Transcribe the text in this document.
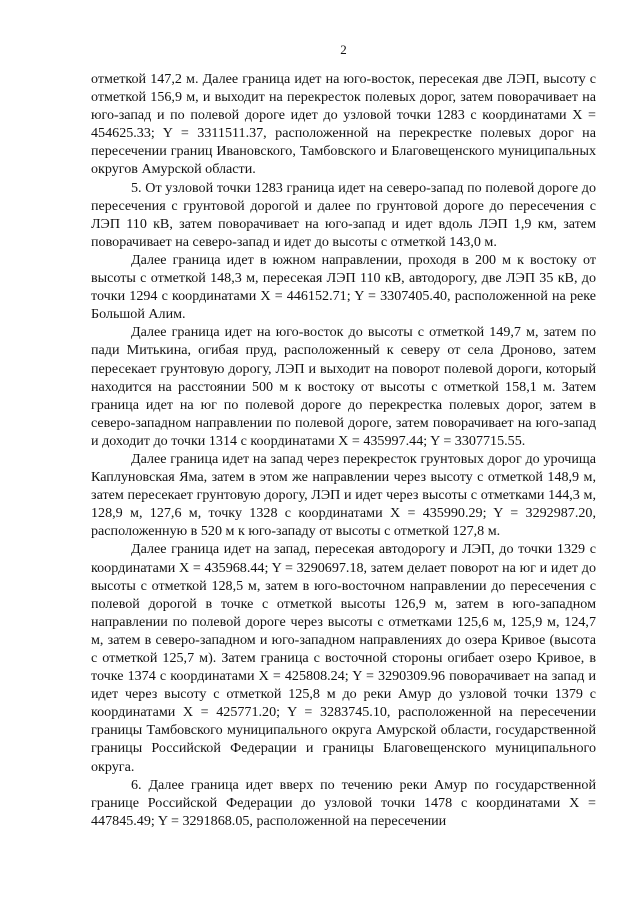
2

отметкой 147,2 м. Далее граница идет на юго-восток, пересекая две ЛЭП, высоту с отметкой 156,9 м, и выходит на перекресток полевых дорог, затем поворачивает на юго-запад и по полевой дороге идет до узловой точки 1283 с координатами X = 454625.33; Y = 3311511.37, расположенной на перекрестке полевых дорог на пересечении границ Ивановского, Тамбовского и Благовещенского муниципальных округов Амурской области.

5. От узловой точки 1283 граница идет на северо-запад по полевой дороге до пересечения с грунтовой дорогой и далее по грунтовой дороге до пересечения с ЛЭП 110 кВ, затем поворачивает на юго-запад и идет вдоль ЛЭП 1,9 км, затем поворачивает на северо-запад и идет до высоты с отметкой 143,0 м.

Далее граница идет в южном направлении, проходя в 200 м к востоку от высоты с отметкой 148,3 м, пересекая ЛЭП 110 кВ, автодорогу, две ЛЭП 35 кВ, до точки 1294 с координатами X = 446152.71; Y = 3307405.40, расположенной на реке Большой Алим.

Далее граница идет на юго-восток до высоты с отметкой 149,7 м, затем по пади Митькина, огибая пруд, расположенный к северу от села Дроново, затем пересекает грунтовую дорогу, ЛЭП и выходит на поворот полевой дороги, который находится на расстоянии 500 м к востоку от высоты с отметкой 158,1 м. Затем граница идет на юг по полевой дороге до перекрестка полевых дорог, затем в северо-западном направлении по полевой дороге, затем поворачивает на юго-запад и доходит до точки 1314 с координатами X = 435997.44; Y = 3307715.55.

Далее граница идет на запад через перекресток грунтовых дорог до урочища Каплуновская Яма, затем в этом же направлении через высоту с отметкой 148,9 м, затем пересекает грунтовую дорогу, ЛЭП и идет через высоты с отметками 144,3 м, 128,9 м, 127,6 м, точку 1328 с координатами X = 435990.29; Y = 3292987.20, расположенную в 520 м к юго-западу от высоты с отметкой 127,8 м.

Далее граница идет на запад, пересекая автодорогу и ЛЭП, до точки 1329 с координатами X = 435968.44; Y = 3290697.18, затем делает поворот на юг и идет до высоты с отметкой 128,5 м, затем в юго-восточном направлении до пересечения с полевой дорогой в точке с отметкой высоты 126,9 м, затем в юго-западном направлении по полевой дороге через высоты с отметками 125,6 м, 125,9 м, 124,7 м, затем в северо-западном и юго-западном направлениях до озера Кривое (высота с отметкой 125,7 м). Затем граница с восточной стороны огибает озеро Кривое, в точке 1374 с координатами X = 425808.24; Y = 3290309.96 поворачивает на запад и идет через высоту с отметкой 125,8 м до реки Амур до узловой точки 1379 с координатами X = 425771.20; Y = 3283745.10, расположенной на пересечении границы Тамбовского муниципального округа Амурской области, государственной границы Российской Федерации и границы Благовещенского муниципального округа.

6. Далее граница идет вверх по течению реки Амур по государственной границе Российской Федерации до узловой точки 1478 с координатами X = 447845.49; Y = 3291868.05, расположенной на пересечении
